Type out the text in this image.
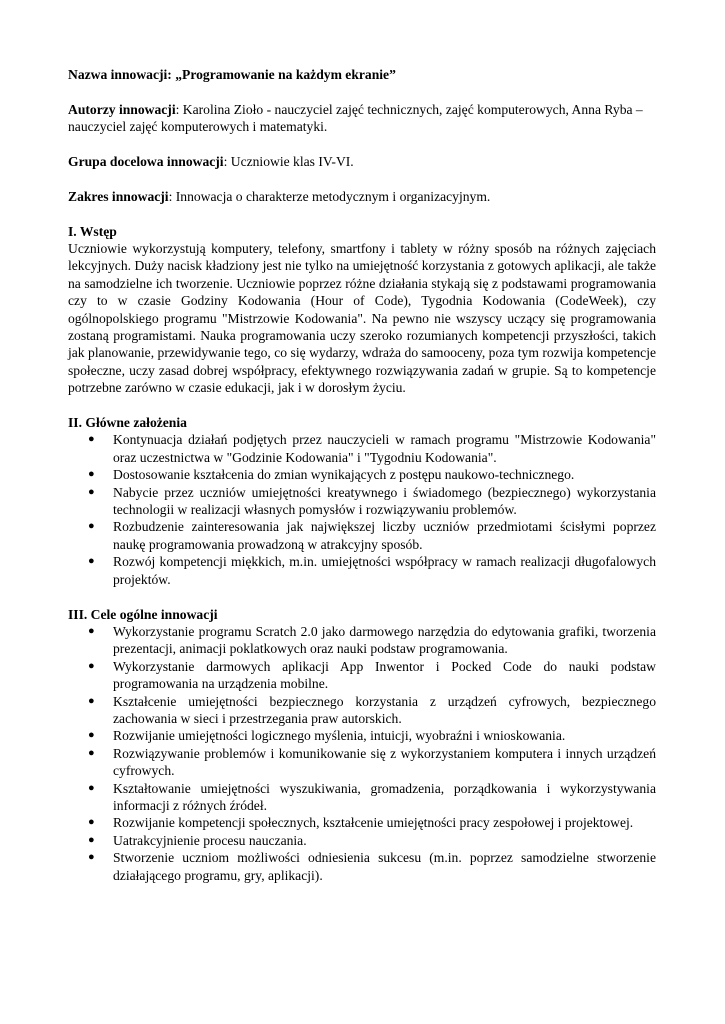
Nazwa innowacji: „Programowanie na każdym ekranie”

Autorzy innowacji: Karolina Zioło - nauczyciel zajęć technicznych, zajęć komputerowych, Anna Ryba – nauczyciel zajęć komputerowych i matematyki.

Grupa docelowa innowacji: Uczniowie klas IV-VI.

Zakres innowacji: Innowacja o charakterze metodycznym i organizacyjnym.

I. Wstęp

Uczniowie wykorzystują komputery, telefony, smartfony i tablety w różny sposób na różnych zajęciach lekcyjnych. Duży nacisk kładziony jest nie tylko na umiejętność korzystania z gotowych aplikacji, ale także na samodzielne ich tworzenie. Uczniowie poprzez różne działania stykają się z podstawami programowania czy to w czasie Godziny Kodowania (Hour of Code), Tygodnia Kodowania (CodeWeek), czy ogólnopolskiego programu "Mistrzowie Kodowania". Na pewno nie wszyscy uczący się programowania zostaną programistami. Nauka programowania uczy szeroko rozumianych kompetencji przyszłości, takich jak planowanie, przewidywanie tego, co się wydarzy, wdraża do samooceny, poza tym rozwija kompetencje społeczne, uczy zasad dobrej współpracy, efektywnego rozwiązywania zadań w grupie. Są to kompetencje potrzebne zarówno w czasie edukacji, jak i w dorosłym życiu.

II. Główne założenia

● Kontynuacja działań podjętych przez nauczycieli w ramach programu "Mistrzowie Kodowania" oraz uczestnictwa w "Godzinie Kodowania" i "Tygodniu Kodowania".
● Dostosowanie kształcenia do zmian wynikających z postępu naukowo-technicznego.
● Nabycie przez uczniów umiejętności kreatywnego i świadomego (bezpiecznego) wykorzystania technologii w realizacji własnych pomysłów i rozwiązywaniu problemów.
● Rozbudzenie zainteresowania jak największej liczby uczniów przedmiotami ścisłymi poprzez naukę programowania prowadzoną w atrakcyjny sposób.
● Rozwój kompetencji miękkich, m.in. umiejętności współpracy w ramach realizacji długofalowych projektów.

III. Cele ogólne innowacji

● Wykorzystanie programu Scratch 2.0 jako darmowego narzędzia do edytowania grafiki, tworzenia prezentacji, animacji poklatkowych oraz nauki podstaw programowania.
● Wykorzystanie darmowych aplikacji App Inwentor i Pocked Code do nauki podstaw programowania na urządzenia mobilne.
● Kształcenie umiejętności bezpiecznego korzystania z urządzeń cyfrowych, bezpiecznego zachowania w sieci i przestrzegania praw autorskich.
● Rozwijanie umiejętności logicznego myślenia, intuicji, wyobraźni i wnioskowania.
● Rozwiązywanie problemów i komunikowanie się z wykorzystaniem komputera i innych urządzeń cyfrowych.
● Kształtowanie umiejętności wyszukiwania, gromadzenia, porządkowania i wykorzystywania informacji z różnych źródeł.
● Rozwijanie kompetencji społecznych, kształcenie umiejętności pracy zespołowej i projektowej.
● Uatrakcyjnienie procesu nauczania.
● Stworzenie uczniom możliwości odniesienia sukcesu (m.in. poprzez samodzielne stworzenie działającego programu, gry, aplikacji).
